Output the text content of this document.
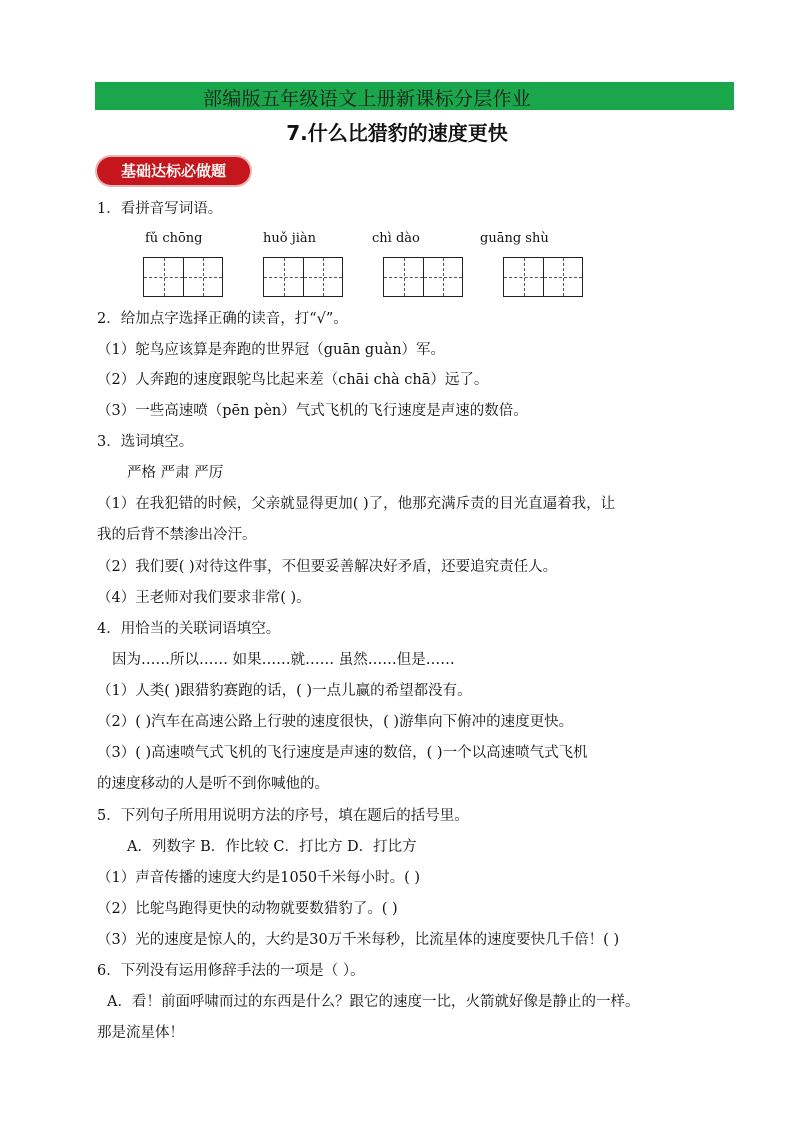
部编版五年级语文上册新课标分层作业
7.什么比猎豹的速度更快
基础达标必做题
1．看拼音写词语。
fǔ chōng	huǒ jiàn	chì dào	guāng shù
2．给加点字选择正确的读音，打“√”。
（1）鸵鸟应该算是奔跑的世界冠（guān guàn）军。
（2）人奔跑的速度跟鸵鸟比起来差（chāi chà chā）远了。
（3）一些高速喷（pēn pèn）气式飞机的飞行速度是声速的数倍。
3．选词填空。
严格 严肃 严厉
（1）在我犯错的时候，父亲就显得更加( )了，他那充满斥责的目光直逼着我，让
我的后背不禁渗出冷汗。
（2）我们要( )对待这件事，不但要妥善解决好矛盾，还要追究责任人。
（4）王老师对我们要求非常( )。
4．用恰当的关联词语填空。
因为……所以…… 如果……就…… 虽然……但是……
（1）人类( )跟猎豹赛跑的话，( )一点儿赢的希望都没有。
（2）( )汽车在高速公路上行驶的速度很快，( )游隼向下俯冲的速度更快。
（3）( )高速喷气式飞机的飞行速度是声速的数倍，( )一个以高速喷气式飞机
的速度移动的人是听不到你喊他的。
5．下列句子所用用说明方法的序号，填在题后的括号里。
A．列数字 B．作比较 C．打比方 D．打比方
（1）声音传播的速度大约是1050千米每小时。( )
（2）比鸵鸟跑得更快的动物就要数猎豹了。( )
（3）光的速度是惊人的，大约是30万千米每秒，比流星体的速度要快几千倍！( )
6．下列没有运用修辞手法的一项是（ ）。
A．看！前面呼啸而过的东西是什么？跟它的速度一比，火箭就好像是静止的一样。
那是流星体！
